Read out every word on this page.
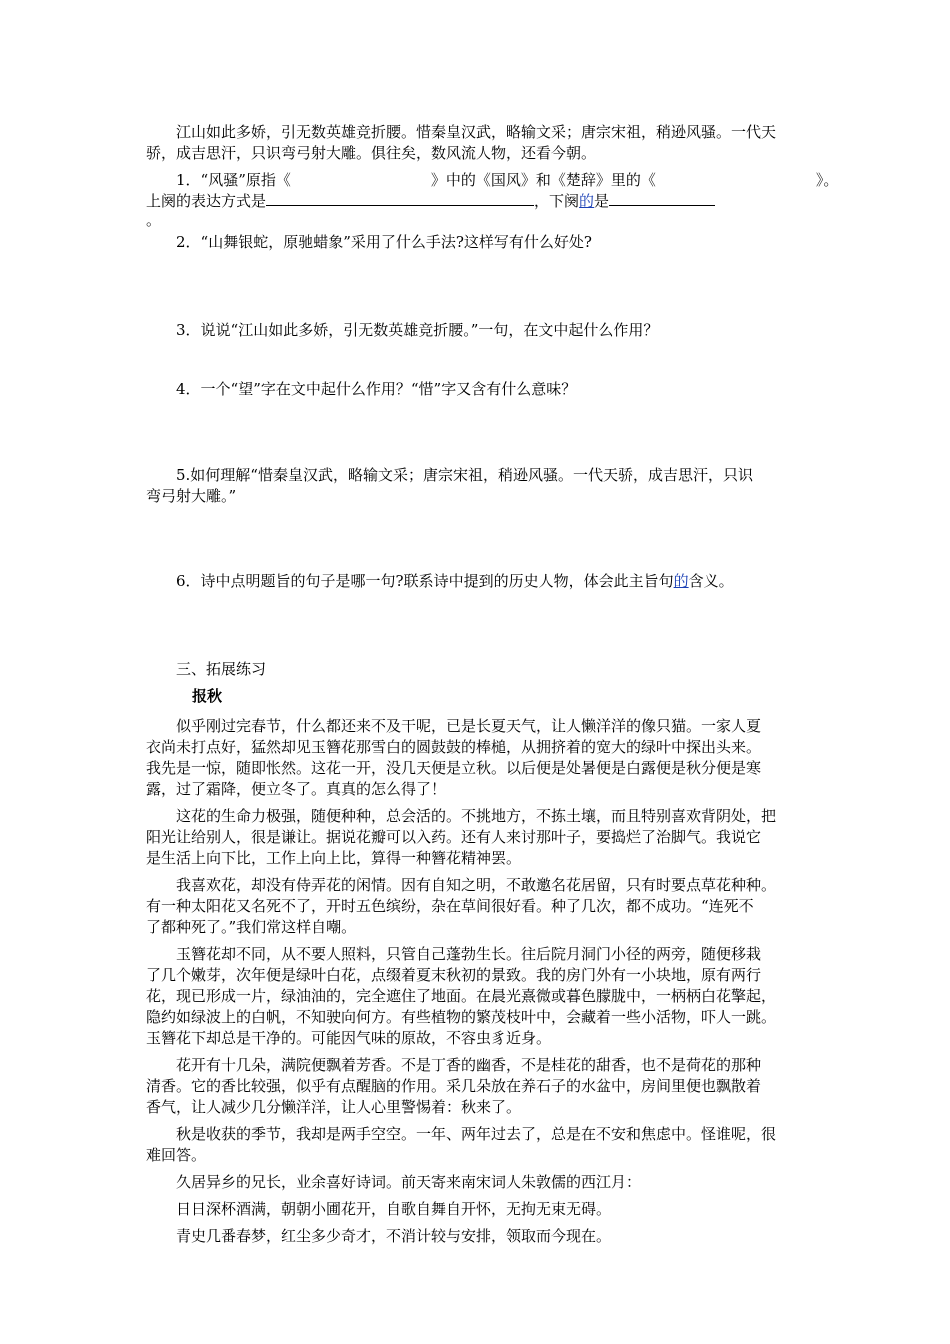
江山如此多娇，引无数英雄竞折腰。惜秦皇汉武，略输文采；唐宗宋祖，稍逊风骚。一代天

骄，成吉思汗，只识弯弓射大雕。俱往矣，数风流人物，还看今朝。

1．“风骚”原指《	》中的《国风》和《楚辞》里的《	》。

上阕的表达方式是	，下阕的是

。

2．“山舞银蛇，原驰蜡象”采用了什么手法?这样写有什么好处?

3．说说“江山如此多娇，引无数英雄竞折腰。”一句，在文中起什么作用？

4．一个“望”字在文中起什么作用？“惜”字又含有什么意味？

5.如何理解“惜秦皇汉武，略输文采；唐宗宋祖，稍逊风骚。一代天骄，成吉思汗，只识

弯弓射大雕。”

6．诗中点明题旨的句子是哪一句?联系诗中提到的历史人物，体会此主旨句的含义。

三、拓展练习

报秋

似乎刚过完春节，什么都还来不及干呢，已是长夏天气，让人懒洋洋的像只猫。一家人夏

衣尚未打点好，猛然却见玉簪花那雪白的圆鼓鼓的棒槌，从拥挤着的宽大的绿叶中探出头来。

我先是一惊，随即怅然。这花一开，没几天便是立秋。以后便是处暑便是白露便是秋分便是寒

露，过了霜降，便立冬了。真真的怎么得了！

这花的生命力极强，随便种种，总会活的。不挑地方，不拣土壤，而且特别喜欢背阴处，把

阳光让给别人，很是谦让。据说花瓣可以入药。还有人来讨那叶子，要捣烂了治脚气。我说它

是生活上向下比，工作上向上比，算得一种簪花精神罢。

我喜欢花，却没有侍弄花的闲情。因有自知之明，不敢邀名花居留，只有时要点草花种种。

有一种太阳花又名死不了，开时五色缤纷，杂在草间很好看。种了几次，都不成功。“连死不

了都种死了。”我们常这样自嘲。

玉簪花却不同，从不要人照料，只管自己蓬勃生长。往后院月洞门小径的两旁，随便移栽

了几个嫩芽，次年便是绿叶白花，点缀着夏末秋初的景致。我的房门外有一小块地，原有两行

花，现已形成一片，绿油油的，完全遮住了地面。在晨光熹微或暮色朦胧中，一柄柄白花擎起，

隐约如绿波上的白帆，不知驶向何方。有些植物的繁茂枝叶中，会藏着一些小活物，吓人一跳。

玉簪花下却总是干净的。可能因气味的原故，不容虫豸近身。

花开有十几朵，满院便飘着芳香。不是丁香的幽香，不是桂花的甜香，也不是荷花的那种

清香。它的香比较强，似乎有点醒脑的作用。采几朵放在养石子的水盆中，房间里便也飘散着

香气，让人减少几分懒洋洋，让人心里警惕着：秋来了。

秋是收获的季节，我却是两手空空。一年、两年过去了，总是在不安和焦虑中。怪谁呢，很

难回答。

久居异乡的兄长，业余喜好诗词。前天寄来南宋词人朱敦儒的西江月：

日日深杯酒满，朝朝小圃花开，自歌自舞自开怀，无拘无束无碍。

青史几番春梦，红尘多少奇才，不消计较与安排，领取而今现在。
